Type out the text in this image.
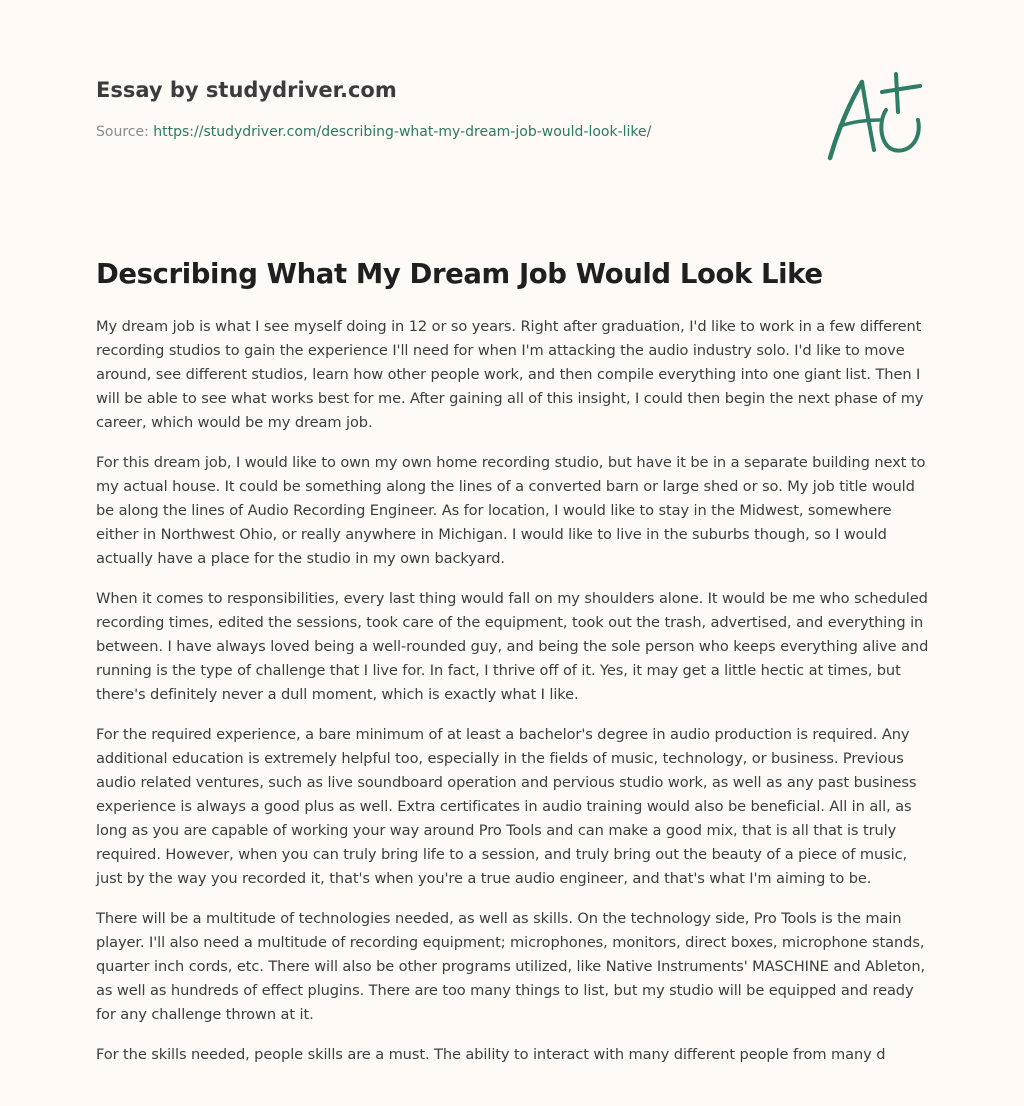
Essay by studydriver.com
Source: https://studydriver.com/describing-what-my-dream-job-would-look-like/
Describing What My Dream Job Would Look Like

My dream job is what I see myself doing in 12 or so years. Right after graduation, I'd like to work in a few different recording studios to gain the experience I'll need for when I'm attacking the audio industry solo. I'd like to move around, see different studios, learn how other people work, and then compile everything into one giant list. Then I will be able to see what works best for me. After gaining all of this insight, I could then begin the next phase of my career, which would be my dream job.

For this dream job, I would like to own my own home recording studio, but have it be in a separate building next to my actual house. It could be something along the lines of a converted barn or large shed or so. My job title would be along the lines of Audio Recording Engineer. As for location, I would like to stay in the Midwest, somewhere either in Northwest Ohio, or really anywhere in Michigan. I would like to live in the suburbs though, so I would actually have a place for the studio in my own backyard.

When it comes to responsibilities, every last thing would fall on my shoulders alone. It would be me who scheduled recording times, edited the sessions, took care of the equipment, took out the trash, advertised, and everything in between. I have always loved being a well-rounded guy, and being the sole person who keeps everything alive and running is the type of challenge that I live for. In fact, I thrive off of it. Yes, it may get a little hectic at times, but there's definitely never a dull moment, which is exactly what I like.

For the required experience, a bare minimum of at least a bachelor's degree in audio production is required. Any additional education is extremely helpful too, especially in the fields of music, technology, or business. Previous audio related ventures, such as live soundboard operation and pervious studio work, as well as any past business experience is always a good plus as well. Extra certificates in audio training would also be beneficial. All in all, as long as you are capable of working your way around Pro Tools and can make a good mix, that is all that is truly required. However, when you can truly bring life to a session, and truly bring out the beauty of a piece of music, just by the way you recorded it, that's when you're a true audio engineer, and that's what I'm aiming to be.

There will be a multitude of technologies needed, as well as skills. On the technology side, Pro Tools is the main player. I'll also need a multitude of recording equipment; microphones, monitors, direct boxes, microphone stands, quarter inch cords, etc. There will also be other programs utilized, like Native Instruments' MASCHINE and Ableton, as well as hundreds of effect plugins. There are too many things to list, but my studio will be equipped and ready for any challenge thrown at it.

For the skills needed, people skills are a must. The ability to interact with many different people from many d
